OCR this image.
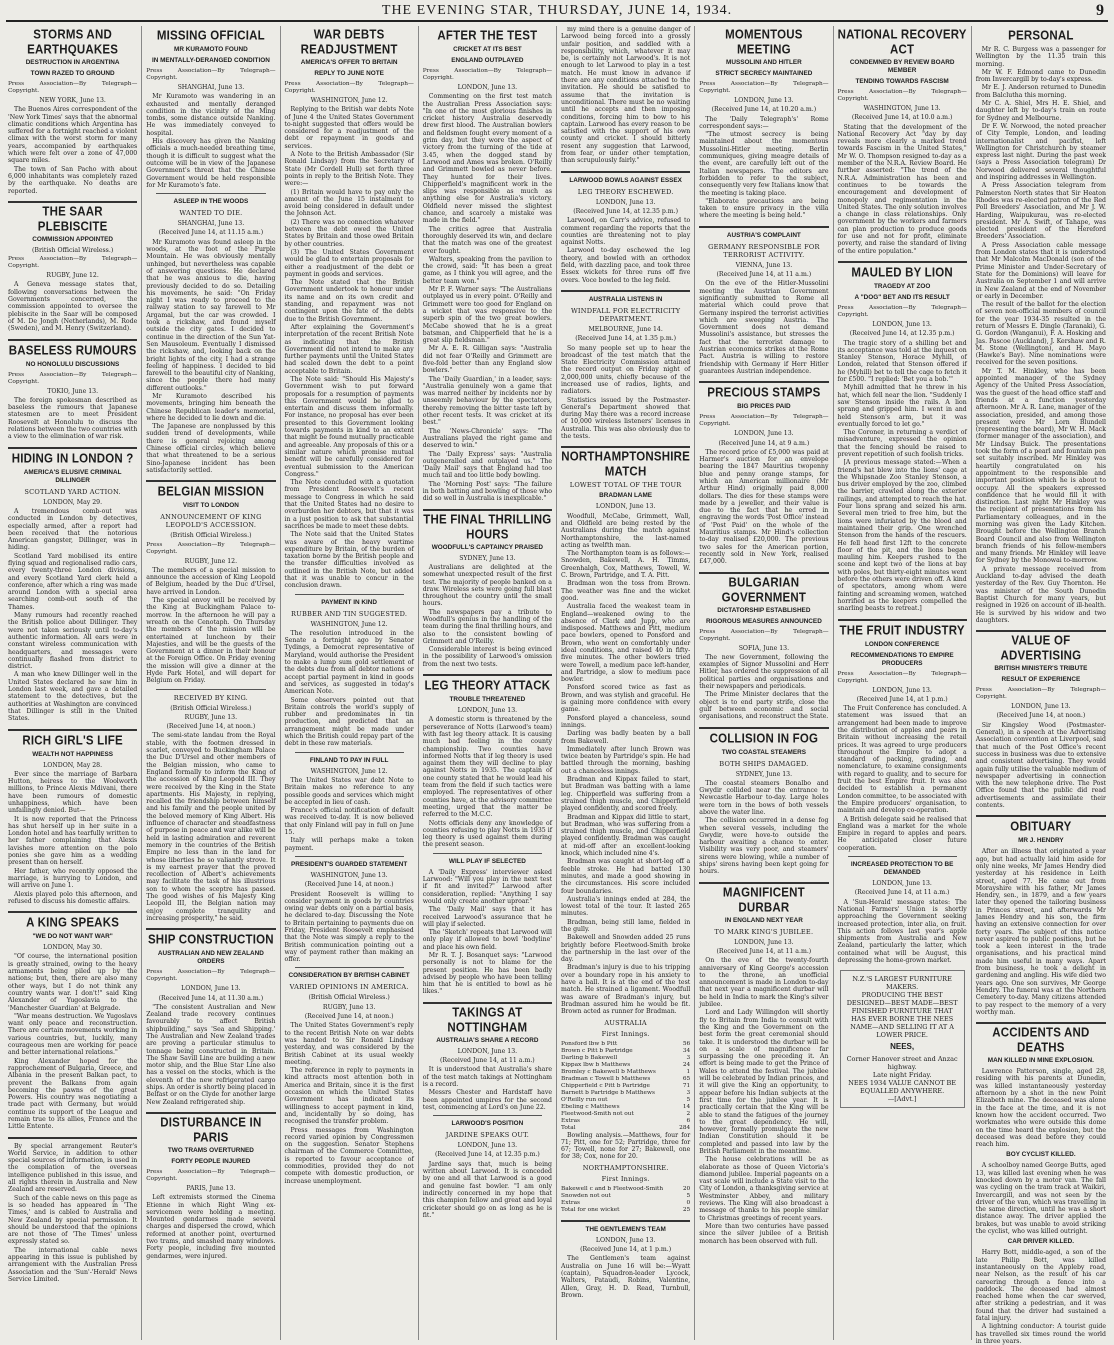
THE EVENING STAR, THURSDAY, JUNE 14, 1934.	9
STORMS AND EARTHQUAKES
DESTRUCTION IN ARGENTINA
TOWN RAZED TO GROUND
Press Association—By Telegraph—Copyright.
NEW YORK, June 13.

The Buenos Aires correspondent of the 'New York Times' says that the abnormal climatic conditions which Argentina has suffered for a fortnight reached a violent climax with the worst storm for many years, accompanied by earthquakes which were felt over a zone of 47,000 square miles.

The town of San Pacho with about 6,000 inhabitants was completely razed by the earthquake. No deaths are reported.

THE SAAR PLEBISCITE
COMMISSION APPOINTED
(British Official Wireless.)
Press Association—By Telegraph—Copyright.
RUGBY, June 12.

A Geneva message states that, following conversations between the Governments concerned, the commission appointed to oversee the plebiscite in the Saar will be composed of M. De Jongh (Netherlands), M. Rode (Sweden), and M. Henry (Switzerland).

BASELESS RUMOURS
NO HONOLULU DISCUSSIONS
Press Association—By Telegraph—Copyright.
TOKIO, June 13.

The foreign spokesman described as baseless the rumours that Japanese statesmen are to meet President Roosevelt at Honolulu to discuss the relations between the two countries with a view to the elimination of war risk.

HIDING IN LONDON ?
AMERICA'S ELUSIVE CRIMINAL DILLINGER
SCOTLAND YARD ACTION.
LONDON, May 29.

A tremendous comb-out was conducted in London by detectives, especially armed, after a report had been received that the notorious American gangster, Dillinger, was in hiding.

Scotland Yard mobilised its entire flying squad and regionalised radio cars, every twenty-three London divisions, and every Scotland Yard clerk held a conference, after which a ring was made around London with a special area searching comb-out south of the Thames.

Many rumours had recently reached the British police about Dillinger. They were not taken seriously until to-day's authentic information. All ears were in constant wireless communication with headquarters, and messages were continually flashed from district to district.

A man who knew Dillinger well in the United States declared he saw him in London last week, and gave a detailed statement to the detectives, but the authorities at Washington are convinced that Dillinger is still in the United States.

RICH GIRL'S LIFE
WEALTH NOT HAPPINESS
LONDON, May 28.

Ever since the marriage of Barbara Hutton, heiress to the Woolworth millions, to Prince Alexis Mdivani, there have been rumours of domestic unhappiness, which have been unfailingly denied. But—

It is now reported that the Princess has shut herself up in her suite in a London hotel and has tearfully written to her father complaining that Alexis lavishes more attention on the polo ponies she gave him as a wedding present than on herself.

Her father, who recently opposed the marriage, is hurrying to London, and will arrive on June 1.

Alexis played polo this afternoon, and refused to discuss his domestic affairs.

A KING SPEAKS
"WE DO NOT WANT WAR"
LONDON, May 30.

"Of course, the international position is greatly strained, owing to the heavy armaments being piled up by the nations; but, then, there are also many other ways, but I do not think any country wants war. I don't!" said King Alexander of Yugoslavia to the 'Manchester Guardian' at Belgrade.

"War means destruction. We Yugoslavs want only peace and reconstruction. There are certain movements working in various countries, but, luckily, many courageous men are working for peace and better international relations."

King Alexander hoped for the rapprochement of Bulgaria, Greece, and Albania in the present Balkan pact, to prevent the Balkans from again becoming the pawns of the great Powers. His country was negotiating a trade pact with Germany, but would continue its support of the League and remain true to its allies, France and the Little Entente.

By special arrangement Reuter's World Service, in addition to other special sources of information, is used in the compilation of the overseas intelligence published in this issue, and all rights therein in Australia and New Zealand are reserved.

Such of the cable news on this page as is so headed has appeared in 'The Times,' and is cabled to Australia and New Zealand by special permission. It should be understood that the opinions are not those of 'The Times' unless expressly stated so.

The international cable news appearing in this issue is published by arrangement with the Australian Press Association and the 'Sun'-'Herald' News Service Limited.

MISSING OFFICIAL
MR KURAMOTO FOUND
IN MENTALLY-DERANGED CONDITION
Press Association—By Telegraph—Copyright.
SHANGHAI, June 13.

Mr Kuramoto was wandering in an exhausted and mentally deranged condition in the vicinity of the Ming tombs, some distance outside Nanking. He was immediately conveyed to hospital.

His discovery has given the Nanking officials a much-needed breathing time, though it is difficult to suggest what the outcome will be in view of the Japanese Government's threat that the Chinese Government would be held responsible for Mr Kuramoto's fate.

ASLEEP IN THE WOODS
WANTED TO DIE.
SHANGHAI, June 13.
(Received June 14, at 11.15 a.m.)

Mr Kuramoto was found asleep in the woods, at the foot of the Purple Mountain. He was obviously mentally unhinged, but nevertheless was capable of answering questions. He declared that he was anxious to die, having previously decided to do so. Detailing his movements, he said: "On Friday night I was ready to proceed to the railway station to say farewell to Mr Argamal, but the car was crowded. I took a rickshaw, and found myself outside the city gates. I decided to continue in the direction of the Sun Yat-Sen Mausoleum. Eventually I dismissed the rickshaw, and, looking back on the bright lights of the city, I had a strange feeling of happiness. I decided to bid farewell to the beautiful city of Nanking, since the people there had many different outlooks."

Mr Kuramoto described his movements, bringing him beneath the Chinese Republican leader's memorial, where he decided to lie down and die.

The Japanese are nonplussed by this sudden trend of developments, while there is general rejoicing among Chinese official circles, which believe that what threatened to be a serious Sino-Japanese incident has been satisfactorily settled.

BELGIAN MISSION
VISIT TO LONDON
ANNOUNCEMENT OF KING LEOPOLD'S ACCESSION.
(British Official Wireless.)
Press Association—By Telegraph—Copyright.
RUGBY, June 12.

The members of a special mission to announce the accession of King Leopold of Belgium, headed by the Duc d'Ursel, have arrived in London.

The special envoy will be received by the King at Buckingham Palace to-morrow. In the afternoon he will pay a wreath on the Cenotaph. On Thursday the members of the mission will be entertained at luncheon by their Majesties, and will be the guests of the Government at a dinner in their honour at the Foreign Office. On Friday evening the mission will give a dinner at the Hyde Park Hotel, and will depart for Belgium on Friday.

RECEIVED BY KING.
(British Official Wireless.)
RUGBY, June 13.
(Received June 14, at noon.)

The semi-state landau from the Royal stable, with the footmen dressed in scarlet, conveyed to Buckingham Palace the Duc D'Ursel and other members of the Belgian mission, who came to England formally to inform the King of the accession of King Leopold III. They were received by the King in the State apartments. His Majesty, in replying, recalled the friendship between himself and his family and the people united by the beloved memory of King Albert. His influence of character and steadfastness of purpose in peace and war alike will be held in lasting admiration and reverent memory in the countries of the British Empire no less than in the land for whose liberties he so valiantly strove. It is my earnest prayer that the proved recollection of Albert's achievements may facilitate the task of his illustrious son to whom the sceptre has passed. The good wishes of his Majesty King Leopold III, the Belgian nation may enjoy complete tranquility and increasing prosperity," he said.

SHIP CONSTRUCTION
AUSTRALIAN AND NEW ZEALAND ORDERS
Press Association—By Telegraph—Copyright.
LONDON, June 13.
(Received June 14, at 11.30 a.m.)

"The consistent Australian and New Zealand trade recovery continues favourably to affect British shipbuilding," says 'Sea and Shipping.' The Australian and New Zealand trades are proving a particular stimulus to tonnage being constructed in Britain. The Shaw Savill Line are building a new motor ship, and the Blue Star Line also has a vessel on the stocks, which is the eleventh of the new refrigerated cargo ships. An order is shortly being placed in Belfast or on the Clyde for another large New Zealand refrigerated ship.

DISTURBANCE IN PARIS
TWO TRAMS OVERTURNED
FORTY PEOPLE INJURED
Press Association—By Telegraph—Copyright.
PARIS, June 13.

Left extremists stormed the Cinema Etienne in which Right Wing ex-servicemen were holding a meeting. Mounted gendarmes made several charges and dispersed the crowd, which reformed at another point, overturned two trams, and smashed many windows. Forty people, including five mounted gendarmes, were injured.

WAR DEBTS READJUSTMENT
AMERICA'S OFFER TO BRITAIN
REPLY TO JUNE NOTE
Press Association—By Telegraph—Copyright.
WASHINGTON, June 12.

Replying to the British war debts Note of June 4 the United States Government to-night suggested that offers would be considered for a readjustment of the debt or repayment in goods and services.

A Note to the British Ambassador (Sir Ronald Lindsay) from the Secretary of State (Mr Cordell Hull) set forth three points in reply to the British Note. They were:—

(1) Britain would have to pay only the amount of the June 15 instalment to avoid being considered in default under the Johnson Act.

(2) There was no connection whatever between the debt owed the United States by Britain and those owed Britain by other countries.

(3) The United States Government would be glad to entertain proposals for either a readjustment of the debt or payment in goods and services.

The Note stated that the British Government undertook to honour under its name and on its own credit and standing, and repayment was not contingent upon the fate of the debts due to the British Government.

After explaining the Government's interpretation of the recent British Note as indicating that the British Government did not intend to make any further payments until the United States had scaled down the debt to a point acceptable to Britain.

The Note said: "Should His Majesty's Government wish to put forward proposals for a resumption of payments this Government would be glad to entertain and discuss them informally. For instance, no proposal has ever been presented to this Government looking towards payments in kind to an extent that might be found mutually practicable and agreeable. Any proposals of this or a similar nature which promise mutual benefit will be carefully considered for eventual submission to the American Congress."

The Note concluded with a quotation from President Roosevelt's recent message to Congress in which he said that the United States had no desire to overburden her debtors, but that it was in a just position to ask that substantial sacrifices be made to meet these debts.

The Note said that the United States was aware of the heavy wartime expenditure by Britain, of the burden of taxation borne by the British people and the transfer difficulties involved as outlined in the British Note, but added that it was unable to concur in the conclusion drawn.

PAYMENT IN KIND
RUBBER AND TIN SUGGESTED.
WASHINGTON, June 12.

The resolution introduced in the Senate a fortnight ago by Senator Tydings, a Democrat representative of Maryland, would authorise the President to make a lump sum gold settlement of the debts due from all debtor nations or accept partial payment in kind in goods and services, as suggested in today's American Note.

Some observers pointed out that Britain controls the world's supply of rubber and predominates in tin production, and predicted that an arrangement might be made under which the British could repay part of the debt in these raw materials.

FINLAND TO PAY IN FULL
WASHINGTON, June 12.

The United States war debt Note to Britain makes no reference to any possible goods and services which might be accepted in lieu of cash.

France's official notification of default was received to-day. It is now believed that only Finland will pay in full on June 15.

Italy will perhaps make a token payment.

PRESIDENT'S GUARDED STATEMENT
WASHINGTON, June 13.
(Received June 14, at noon.)

President Roosevelt is willing to consider payment in goods by countries owing war debts only on a partial basis, he declared to-day. Discussing the Note to Britain pertaining to payments due on Friday, President Roosevelt emphasised that the Note was simply a reply to the British communication pointing out a way of payment rather than making an offer.

CONSIDERATION BY BRITISH CABINET
VARIED OPINIONS IN AMERICA.
(British Official Wireless.)
RUGBY, June 13.
(Received June 14, at noon.)

The United States Government's reply to the recent British Note on war debts was handed to Sir Ronald Lindsay yesterday, and was considered by the British Cabinet at its usual weekly meeting.

The reference in reply to payments in kind attracts most attention both in America and Britain, since it is the first occasion on which the United States Government has indicated its willingness to accept payment in kind, and, incidentally by so doing, has recognised the transfer problem.

Press messages from Washington record varied opinion by Congressmen on the suggestion. Senator Stephens chairman of the Commerce Committee, is reported to favour acceptance of commodities, provided they do not compete with domestic production, or increase unemployment.

AFTER THE TEST
CRICKET AT ITS BEST
ENGLAND OUTPLAYED
Press Association—By Telegraph—Copyright.
LONDON, June 13.

Commenting on the first test match the Australian Press Association says: "In one of the most glorious finishes in cricket history Australia deservedly drew first blood. The Australian bowlers and fieldsmen fought every moment of a grim day, but they wore the aspect of victory from the turning of the tide at 3.45, when the dogged stand by Larwood and Ames was broken. O'Reilly and Grimmett bowled as never before. They hunted for their lives. Chipperfield's magnificent work in the slips was responsible as much as anything else for Australia's victory. Oldfield never missed the slightest chance, and scarcely a mistake was made in the field."

The critics agree that Australia thoroughly deserved its win, and declare that the match was one of the greatest ever fought.

Walters, speaking from the pavilion to the crowd, said: "It has been a great game, as I think you will agree, and the better team won."

Mr P. F. Warner says: "The Australians outplayed us in every point. O'Reilly and Grimmett were too good for England on a wicket that was responsive to the superb spin of the two great bowlers. McCabe showed that he is a great batsman, and Chipperfield that he is a great slip fieldsman."

Mr A. E. R. Gilligan says: "Australia did not fear O'Reilly and Grimmett are five-fold better than any England slow bowlers."

The 'Daily Guardian,' in a leader, says: "Australia genuinely won a game that was marred neither by incidents nor by unseemly behaviour by the spectators, thereby removing the bitter taste left by other recent tests. It was cricket at its best."

The 'News-Chronicle' says: "The Australians played the right game and deserved to win."

The 'Daily Express' says: "Australia outgeneralled and outplayed us." The 'Daily Mail' says that England had too much tail and too little body bowling.

The 'Morning Post' says: "The failure in both batting and bowling of those who did so well in Australia is inexplicable."

THE FINAL THRILLING HOURS
WOODFULL'S CAPTAINCY PRAISED
SYDNEY, June 13.

Australians are delighted at the somewhat unexpected result of the first test. The majority of people banked on a draw. Wireless sets were going full blast throughout the country until the small hours.

The newspapers pay a tribute to Woodfull's genius in the handling of the team during the final thrilling hours, and also to the consistent bowling of Grimmett and O'Reilly.

Considerable interest is being evinced in the possibility of Larwood's omission from the next two tests.

LEG THEORY ATTACK
TROUBLE THREATENED
LONDON, June 13.

A domestic storm is threatened by the perseverance of Notts (Larwood's team) with fast leg theory attack. It is causing much bad feeling in the county championship. Two counties have informed Notts that if leg theory is used against them they will decline to play against Notts in 1935. The captain of one county stated that he would lead his team from the field if such tactics were employed. The representatives of other counties have, at the advisory committee meeting, urged that the matter be referred to the M.C.C.

Notts officials deny any knowledge of counties refusing to play Notts in 1935 if leg theory is used against them during the present season.

WILL PLAY IF SELECTED

A 'Daily Express' interviewer asked Larwood: "Will you play in the next test if fit and invited?" Larwood after consideration, replied: "Anything I say would only create another uproar."

The 'Daily Mail' says that it has received Larwood's assurance that he will play if selected.

The 'Sketch' repeats that Larwood will only play if allowed to bowl 'bodyline' and place his own field.

Mr R. T. J. Bosanquet says: "Larwood personally is not to blame for the present position. He has been badly advised by people who have been telling him that he is entitled to bowl as he likes."

TAKINGS AT NOTTINGHAM
AUSTRALIA'S SHARE A RECORD
LONDON, June 13.
(Received June 14, at 11 a.m.)

It is understood that Australia's share of the test match takings at Nottingham is a record.

Messrs Chester and Hardstaff have been appointed umpires for the second test, commencing at Lord's on June 22.

LARWOOD'S POSITION
JARDINE SPEAKS OUT.
LONDON, June 13.
(Received June 14, at 12.35 p.m.)

Jardine says that, much is being written about Larwood. It is conceded by one and all that Larwood is a good and genuine fast bowler. "I am only indirectly concerned in my hope that this champion fellow and great and loyal cricketer should go on as long as he is fit."

my mind there is a genuine danger of Larwood being forced into a grossly unfair position, and saddled with a responsibility, which, whatever it may be, is certainly not Larwood's. It is not enough to let Larwood to play in a test match. He must know in advance if there are any conditions attached to the invitation. He should be satisfied to assume that the invitation is unconditional. There must be no waiting until he accepts and then imposing conditions, forcing him to bow to his captain. Larwood has every reason to be satisfied with the support of his own county and cricket. I should bitterly resent any suggestion that Larwood, from fear, or under other temptation, than scrupulously fairly."

LARWOOD BOWLS AGAINST ESSEX
LEG THEORY ESCHEWED.
LONDON, June 13.
(Received June 14, at 12.35 p.m.)

Larwood, on Carr's advice, refused to comment regarding the reports that the counties are threatening not to play against Notts.

Larwood to-day eschewed the leg theory, and bowled with an orthodox field, with dazzling pace, and took three Essex wickets for three runs off five overs. Voce bowled to the leg field.

AUSTRALIA LISTENS IN
WINDFALL FOR ELECTRICITY DEPARTMENT.
MELBOURNE, June 14.
(Received June 14, at 1.35 p.m.)

So many people set up to hear the broadcast of the test match that the State Electricity Commission attained the record output on Friday night of 2,000,000 units, chiefly because of the increased use of radios, lights, and radiators.

Statistics issued by the Postmaster-General's Department showed that during May there was a record increase of 10,000 wireless listeners' licenses in Australia. This was also obviously due to the tests.

NORTHAMPTONSHIRE MATCH
LOWEST TOTAL OF THE TOUR
BRADMAN LAME
LONDON, June 13.

Woodfull, McCabe, Grimmett, Wall, and Oldfield are being rested by the Australians during the match against Northamptonshire, the last-named acting as twelfth man.

The Northampton team is as follows:—Snowden, Bakewell, A. H. Timms, Greenhalgh, Cox, Matthews, Towell, W. C. Brown, Partridge, and T. A. Pitt.

Bradman won the toss from Brown. The weather was fine and the wicket good.

Australia faced the weakest team in England—weakened owing to the absence of Clark and Jupp, who are indisposed. Matthews and Pitt, medium pace bowlers, opened to Ponsford and Brown, who went on comfortably under ideal conditions, and raised 40 in fifty-five minutes. The other bowlers tried were Towell, a medium pace left-hander, and Partridge, a slow to medium pace bowler.

Ponsford scored twice as fast as Brown, and was stylish and graceful. He is gaining more confidence with every game.

Ponsford played a chanceless, sound innings.

Darling was badly beaten by a ball from Bakewell.

Immediately after lunch Brown was twice beaten by Partridge's spin. He had battled through the morning, bashing out a chanceless innings.

Bradman and Kippax failed to start, but Bradman was batting with a lame leg. Chipperfield was suffering from a strained thigh muscle, and Chipperfield played confidently, and scored freely.

Bradman and Kippax did little to start, but Bradman, who was suffering from a strained thigh muscle, and Chipperfield played confidently. Bradman was caught at mid-off after an excellent-looking knock, which included nine 4's.

Bradman was caught at short-leg off a feeble stroke. He had batted 130 minutes, and made a good showing in the circumstances. His score included four boundaries.

Australia's innings ended at 284, the lowest total of the tour. It lasted 265 minutes.

Bradman, being still lame, fielded in the gully.

Bakewell and Snowden added 25 runs brightly before Fleetwood-Smith broke the partnership in the last over of the day.

Bradman's injury is due to his tripping over a boundary rope in his anxiety to have a ball. It is at the end of the test match. He strained a ligament. Woodfull was aware of Bradman's injury, but Bradman assured him he would be fit. Brown acted as runner for Bradman.

AUSTRALIA
First Innings.
Ponsford lbw b Pitt	56
Brown c Pitt b Partridge	34
Darling b Bakewell	3
Kippax lbw b Matthews	24
Bromley c Bakewell b Matthews	1
Bradman c Towell b Matthews	65
Chipperfield c Pitt b Partridge	71
Barnett b Partridge b Matthews	3
O'Reilly run out	5
Ebeling c Matthews	14
Fleetwood-Smith not out	2
Extras	6
Total	284

Bowling analysis.—Matthews, four for 71; Pitt, one for 52; Partridge, three for 67; Towell, none for 27; Bakewell, one for 38; Cox, none for 20.

NORTHAMPTONSHIRE.
First Innings.
Bakewell c and b Fleetwood-Smith	20
Snowden not out	5
Extras	0
Total for one wicket	25
THE GENTLEMEN'S TEAM
LONDON, June 13.
(Received June 14, at 1 p.m.)

The Gentlemen's team against Australia on June 16 will be:—Wyatt (captain), Squadron-leader Lycock, Walters, Pataudi, Robins, Valentine, Allen, Gray, H. D. Read, Turnbull, Brown.

MOMENTOUS MEETING
MUSSOLINI AND HITLER
STRICT SECRECY MAINTAINED
Press Association—By Telegraph—Copyright.
LONDON, June 13.
(Received June 14, at 10.20 a.m.)

The 'Daily Telegraph's' Rome correspondent says:—

"The utmost secrecy is being maintained about the momentous Mussolini-Hitler meeting. Berlin communiques, giving meagre details of the event, are carefully left out of the Italian newspapers. The editors are forbidden to refer to the subject, consequently very few Italians know that the meeting is taking place.

"Elaborate precautions are being taken to ensure privacy in the villa where the meeting is being held."

AUSTRIA'S COMPLAINT
GERMANY RESPONSIBLE FOR TERRORIST ACTIVITY.
VIENNA, June 13.
(Received June 14, at 11 a.m.)

On the eve of the Hitler-Mussolini meeting the Austrian Government significantly submitted to Rome all material which could prove that Germany inspired the terrorist activities which are sweeping Austria. The Government does not demand Mussolini's assistance, but stresses the fact that the terrorist damage to Austrian economics strikes at the Rome Pact. Austria is willing to restore friendship with Germany if Herr Hitler guarantees Austrian independence.

PRECIOUS STAMPS
BIG PRICES PAID
Press Association—By Telegraph—Copyright.
LONDON, June 13.
(Received June 14, at 9 a.m.)

The record price of £5,000 was paid at Harmer's auction for an envelope bearing the 1847 Mauritius twopenny blue and penny orange stamps, for which an American millionaire (Mr Arthur Hind) originally paid 8,000 dollars. The dies for these stamps were made by a jeweller, and their value is due to the fact that he erred in engraving the words 'Post Office' instead of 'Post Paid' on the whole of the Mauritius stamps. Mr Hind's collection to-day realised £20,000. The previous two sales for the American portion, recently sold in New York, realised £47,000.

BULGARIAN GOVERNMENT
DICTATORSHIP ESTABLISHED
RIGOROUS MEASURES ANNOUNCED
Press Association—By Telegraph—Copyright.
SOFIA, June 13.

The new Government, following the examples of Signor Mussolini and Herr Hitler, has ordered the suppression of all political parties and organisations and their newspapers and periodicals.

The Prime Minister declares that the object is to end party strife, close the gulf between economic and social organisations, and reconstruct the State.

COLLISION IN FOG
TWO COASTAL STEAMERS
BOTH SHIPS DAMAGED.
SYDNEY, June 13.

The coastal steamers Bonalbo and Gwydir collided near the entrance to Newcastle Harbour to-day. Large holes were torn in the bows of both vessels above the water line.

The collision occurred in a dense fog when several vessels, including the Gwydir, were hove-to outside the harbour awaiting a chance to enter. Visibility was very poor, and steamers' sirens were blowing, while a number of ships' sirens having been kept going for hours.

MAGNIFICENT DURBAR
IN ENGLAND NEXT YEAR
TO MARK KING'S JUBILEE.
LONDON, June 13.
(Received June 14, at 11 a.m.)

On the eve of the twenty-fourth anniversary of King George's accession to the throne, an unofficial announcement is made in London to-day that next year a magnificent durbar will be held in India to mark the King's silver jubilee.

Lord and Lady Willingdon will shortly fly to Britain from India to consult with the King and the Government on the best form the great ceremonial should take. It is understood the durbar will be on a scale of magnificence far surpassing the one preceding it. An effort is being made to get the Prince of Wales to attend the festival. The jubilee will be celebrated by Indian princes, and it will give the King an opportunity, to appear before his Indian subjects at the first time for the jubilee year. It is practically certain that the King will be able to stand the fatigues of the journey to the great dependency. He will, however, formally promulgate the new Indian Constitution should it be completed and passed into law by the British Parliament in the meantime.

The house celebrations will be as elaborate as those of Queen Victoria's diamond jubilee. Imperial pageants on a vast scale will include a State visit to the City of London, a thanksgiving service at Westminster Abbey, and military reviews. The King will also broadcast a message of thanks to his people similar to Christmas greetings of recent years.

More than two centuries have passed since the silver jubilee of a British monarch has been observed with full.

NATIONAL RECOVERY ACT
CONDEMNED BY REVIEW BOARD MEMBER
TENDING TOWARDS FASCISM
Press Association—By Telegraph—Copyright.
WASHINGTON, June 13.
(Received June 14, at 10.0 a.m.)

Stating that the development of the National Recovery Act "day by day reveals more clearly a marked trend towards Fascism in the United States," Mr W. O. Thompson resigned to-day as a member of the N.R.A. Review Board. He further asserted: "The trend of the N.R.A. Administration has been and continues to be towards the encouragement and development of monopoly and regimentation in the United States. The only solution involves a change in class relationships. Only government by the workers and farmers can plan production to produce goods for use and not for profit, eliminate poverty, and raise the standard of living of the entire population."

MAULED BY LION
TRAGEDY AT ZOO
A "DOG" BET AND ITS RESULT
Press Association—By Telegraph—Copyright.
LONDON, June 13.
(Received June 14, at 12.35 p.m.)

The tragic story of a shilling bet and its acceptance was told at the inquest on Stanley Stenson, Horace Myhill, of London, related that Stenson offered if he (Myhill) bet to tell the cage to fetch it for £500. "I replied: 'Bet you a bob.'"

Myhill admitted that he threw in his hat, which fell near the lion. "Suddenly I saw Stenson inside the rails. A lion sprang and gripped him. I went in and held Stenson's arm, but it was eventually forced to let go."

The Coroner, in returning a verdict of misadventure, expressed the opinion that the fencing should be raised to prevent repetition of such foolish tricks.

[A previous message stated:—When a friend's hat blew into the lions' cage at the Whipsnade Zoo Stanley Stenson, a bus driver employed by the zoo, climbed the barrier, crawled along the exterior railings, and attempted to reach the hat. Four lions sprang and seized his arm. Several men tried to free him, but the lions were infuriated by the blood and maintained their grip. One wrenched Stenson from the hands of the rescuers. He fell head first 12ft to the concrete floor of the pit, and the lions began mauling him. Keepers rushed to the scene and kept two of the lions at bay with poles, but thirty-eight minutes went before the others were driven off. A kind of spectators, among whom were fainting and screaming women, watched horrified as the keepers compelled the snarling beasts to retreat.]

THE FRUIT INDUSTRY
LONDON CONFERENCE
RECOMMENDATIONS TO EMPIRE PRODUCERS
Press Association—By Telegraph—Copyright.
LONDON, June 13.
(Received June 14, at 1 p.m.)

The Fruit Conference has concluded. A statement was issued that an arrangement had been made to improve the distribution of apples and pears in Britain without increasing the retail prices. It was agreed to urge producers throughout the Empire to adopt a standard of packing, grading, and nomenclature, to examine consignments with regard to quality, and to secure for fruit the best Empire fruit. It was also decided to establish a permanent London committee, to be associated with the Empire producers' organisation, to maintain and develop co-operation.

A British delegate said he realised that England was a market for the whole Empire in regard to apples and pears. He anticipated closer future cooperation.

INCREASED PROTECTION TO BE DEMANDED
LONDON, June 13.
(Received June 14, at 11 a.m.)

A 'Sun-Herald' message states: The National Farmers' Union is shortly approaching the Government seeking increased protection, inter alia, on fruit. This action follows last year's apple shipments from Australia and New Zealand, particularly the latter, which contained what will be August, this depressing the home-grown market.

N.Z.'S LARGEST FURNITURE MAKERS.
PRODUCING THE BEST DESIGNED—BEST MADE—BEST FINISHED FURNITURE THAT HAS EVER BORNE THE NEES NAME—AND SELLING IT AT A LOWER PRICE.
NEES,
Corner Hanover street and Anzac highway.
Late night Friday.
NEES 1934 VALUE CANNOT BE EQUALLED ANYWHERE.
—[Advt.]
PERSONAL

Mr R. C. Burgess was a passenger for Wellington by the 11.35 train this morning.

Mr W. F. Edmond came to Dunedin from Invercargill by to-day's express.

Mr E. J. Anderson returned to Dunedin from Balclutha this morning.

Mr C. A. Shiel, Mrs H. E. Shiel, and daughter left by to-day's train en route for Sydney and Melbourne.

Dr F. W. Norwood, the noted preacher of City Temple, London, and leading internationalist and pacifist, left Wellington for Christchurch by steamer express last night. During the past week (says a Press Association telegram) Dr Norwood delivered several thoughtful and inspiring addresses in Wellington.

A Press Association telegram from Palmerston North states that Sir Heaton Rhodes was re-elected patron of the Red Poll Breeders' Association, and Mr J. W. Harding, Waipukurau, was re-elected president. Mr A. Swift, of Tahape, was elected president of the Hereford Breeders' Association.

A Press Association cable message from London states that it is understood that Mr Malcolm MacDonald (son of the Prime Minister and Under-Secretary of State for the Dominions) will leave for Australia on September 1 and will arrive in New Zealand at the end of November or early in December.

The result of the ballot for the election of seven non-official members of council for the year 1934-35 resulted in the return of Messrs E. Dingle (Taranaki), G. G. Gordon (Wanganui), F. A. Hosking and Jas. Pascoe (Auckland), J. Kershaw and R. M. Stone (Wellington), and H. Mayo (Hawke's Bay). Nine nominations were received for the seven positions.

Mr T. M. Hinkley, who has been appointed manager of the Sydney Agency of the United Press Association, was the guest of the head office staff and friends at a function yesterday afternoon. Mr A. R. Lane, manager of the association, presided, and among those present were Mr Lorn Blundell (representing the board), Mr W. H. Mack (former manager of the association), and Mr Lindsay Buick. The presentations took the form of a pearl and fountain pen set suitably inscribed. Mr Hinkley was heartily congratulated on his appointment to the responsible and important position which he is about to occupy. All the speakers expressed confidence that he would fill it with distinction. Last night Mr Hinkley was the recipient of presentations from his Parliamentary colleagues, and in the morning was given the Lady Kitchen. Brought before the Wellington Branch Board Council and also from Wellington branch friends of his fellow-members and many friends. Mr Hinkley will leave for Sydney by the Monowai to-morrow.

A private message received from Auckland to-day advised the death yesterday of the Rev. Guy Thornton. He was minister of the South Dunedin Baptist Church for many years, but resigned in 1926 on account of ill-health. He is survived by his widow and two daughters.

VALUE OF ADVERTISING
BRITISH MINISTER'S TRIBUTE
RESULT OF EXPERIENCE
Press Association—By Telegraph—Copyright.
LONDON, June 13.
(Received June 14, at noon.)

Sir Kingsley Wood (Postmaster-General), in a speech at the Advertising Association convention at Liverpool, said that much of the Post Office's recent success in business was due to extensive and consistent advertising. They would again fully utilise the valuable medium of newspaper advertising in connection with the new telephone drive. The Post Office found that the public did read advertisements and assimilate their contents.

OBITUARY
MR J. HENDRY

After an illness that originated a year ago, but had actually laid him aside for only nine weeks, Mr James Hendry died yesterday at his residence in Leith street, aged 77. He came out from Morayshire with his father, Mr James Hendry, sen., in 1879, and a few years later they opened the tailoring business in Princes street, and afterwards Mr James Hendry and his son, the firm having an extensive connection for over forty years. The subject of this notice never aspired to public positions, but he took a keen interest in the trade organisations, and his practical mind made him useful in many ways. Apart from business, he took a delight in gardening and angling. His wife died two years ago. One son survives, Mr George Hendry. The funeral was at the Northern Cemetery to-day. Many citizens attended to pay respect to the memory of a very worthy man.

ACCIDENTS AND DEATHS
MAN KILLED IN MINE EXPLOSION.

Lawrence Patterson, single, aged 28, residing with his parents at Dunedin, was killed instantaneously yesterday afternoon by a shot in the new Point Elizabeth mine. The deceased was alone in the face at the time, and it is not known how the accident occurred. Two workmates who were outside this dome on the time heard the explosion, but the deceased was dead before they could reach him.

BOY CYCLIST KILLED.

A schoolboy named George Butts, aged 13, was killed last evening when he was knocked down by a motor van. The fall was cycling on the tram track at Waikiri, Invercargill, and was not seen by the driver of the van, which was travelling in the same direction, until he was a short distance away. The driver applied the brakes, but was unable to avoid striking the cyclist, who was killed outright.

CAR DRIVER KILLED.

Harry Bott, middle-aged, a son of the late Philip Bott, was killed instantaneously on the Appleby road, near Nelson, as the result of his car careering through a fence into a paddock. The deceased had almost reached home when the car swerved, after striking a pedestrian, and it was found that the driver had sustained a fatal injury.

A lightning conductor: A tourist guide has travelled six times round the world in three years.
